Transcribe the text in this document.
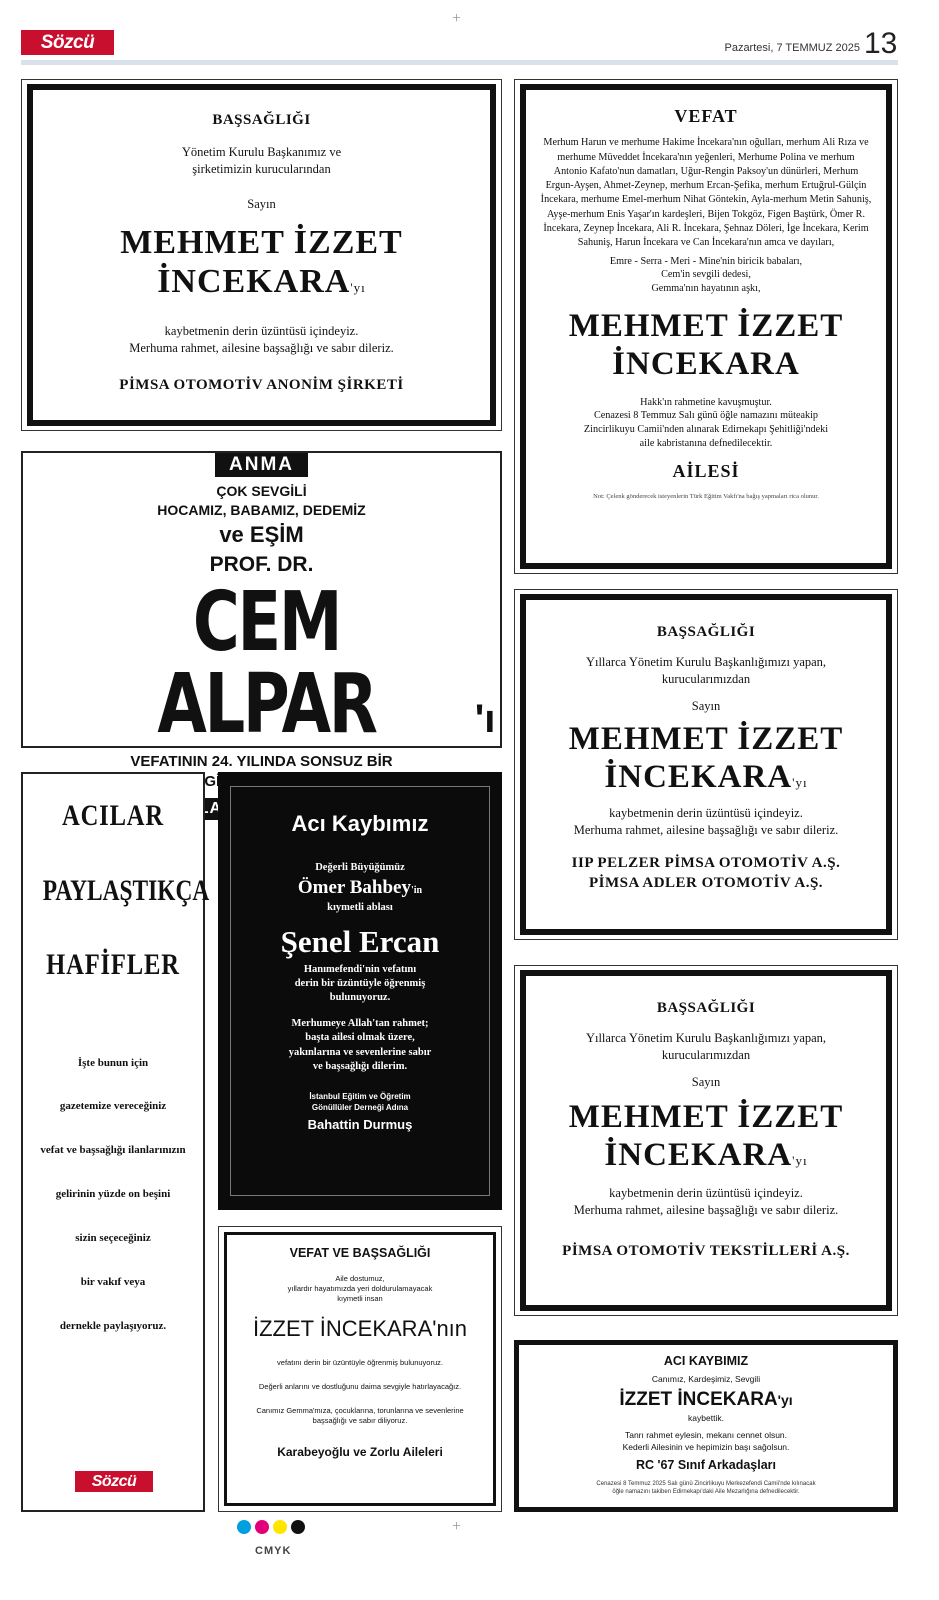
Sözcü	Pazartesi, 7 TEMMUZ 2025 13
+

BAŞSAĞLIĞI

Yönetim Kurulu Başkanımız ve

şirketimizin kurucularından

Sayın

MEHMET İZZET

İNCEKARA'yı

kaybetmenin derin üzüntüsü içindeyiz.

Merhuma rahmet, ailesine başsağlığı ve sabır dileriz.

PİMSA OTOMOTİV ANONİM ŞİRKETİ

VEFAT

Merhum Harun ve merhume Hakime İncekara'nın oğulları, merhum Ali Rıza ve merhume Müveddet İncekara'nın yeğenleri, Merhume Polina ve merhum Antonio Kafato'nun damatları, Uğur-Rengin Paksoy'un dünürleri, Merhum Ergun-Ayşen, Ahmet-Zeynep, merhum Ercan-Şefika, merhum Ertuğrul-Gülçin İncekara, merhume Emel-merhum Nihat Göntekin, Ayla-merhum Metin Sahuniş, Ayşe-merhum Enis Yaşar'ın kardeşleri, Bijen Tokgöz, Figen Baştürk, Ömer R. İncekara, Zeynep İncekara, Ali R. İncekara, Şehnaz Döleri, İge İncekara, Kerim Sahuniş, Harun İncekara ve Can İncekara'nın amca ve dayıları,

Emre - Serra - Meri - Mine'nin biricik babaları,

Cem'in sevgili dedesi,

Gemma'nın hayatının aşkı,

MEHMET İZZET

İNCEKARA

Hakk'ın rahmetine kavuşmuştur.

Cenazesi 8 Temmuz Salı günü öğle namazını müteakip

Zincirlikuyu Camii'nden alınarak Edirnekapı Şehitliği'ndeki

aile kabristanına defnedilecektir.

AİLESİ

Not: Çelenk gönderecek isteyenlerin Türk Eğitim Vakfı'na bağış yapmaları rica olunur.

ANMA

ÇOK SEVGİLİ

HOCAMIZ, BABAMIZ, DEDEMİZ

ve EŞİM

PROF. DR.

CEM ALPAR 'ı

VEFATININ 24. YILINDA SONSUZ BİR

BAŞSAĞLIĞI

Yıllarca Yönetim Kurulu Başkanlığımızı yapan,

kurucularımızdan

Sayın

MEHMET İZZET

İNCEKARA'yı

kaybetmenin derin üzüntüsü içindeyiz.

Merhuma rahmet, ailesine başsağlığı ve sabır dileriz.

IIP PELZER PİMSA OTOMOTİV A.Ş.

PİMSA ADLER OTOMOTİV A.Ş.

ACILAR

PAYLAŞTIKÇA

HAFİFLER

İşte bunun için

gazetemize vereceğiniz

vefat ve başsağlığı ilanlarınızın

gelirinin yüzde on beşini

sizin seçeceğiniz

bir vakıf veya

dernekle paylaşıyoruz.

Sözcü

Acı Kaybımız

Değerli Büyüğümüz

Ömer Bahbey'in

kıymetli ablası

Şenel Ercan

Hanımefendi'nin vefatını

derin bir üzüntüyle öğrenmiş

bulunuyoruz.

Merhumeye Allah'tan rahmet;

başta ailesi olmak üzere,

yakınlarına ve sevenlerine sabır

ve başsağlığı dilerim.

İstanbul Eğitim ve Öğretim

Gönüllüler Derneği Adına

Bahattin Durmuş

BAŞSAĞLIĞI

Yıllarca Yönetim Kurulu Başkanlığımızı yapan,

kurucularımızdan

Sayın

MEHMET İZZET

İNCEKARA'yı

kaybetmenin derin üzüntüsü içindeyiz.

Merhuma rahmet, ailesine başsağlığı ve sabır dileriz.

PİMSA OTOMOTİV TEKSTİLLERİ A.Ş.

VEFAT VE BAŞSAĞLIĞI

Aile dostumuz,

yıllardır hayatımızda yeri doldurulamayacak

kıymetli insan

İZZET İNCEKARA'nın

vefatını derin bir üzüntüyle öğrenmiş bulunuyoruz.

Değerli anlarını ve dostluğunu daima sevgiyle hatırlayacağız.

Canımız Gemma'mıza, çocuklarına, torunlarına ve sevenlerine

başsağlığı ve sabır diliyoruz.

Karabeyoğlu ve Zorlu Aileleri

ACI KAYBIMIZ

Canımız, Kardeşimiz, Sevgili

İZZET İNCEKARA'yı

kaybettik.

Tanrı rahmet eylesin, mekanı cennet olsun.

Kederli Ailesinin ve hepimizin başı sağolsun.

RC '67 Sınıf Arkadaşları

Cenazesi 8 Temmuz 2025 Salı günü Zincirlikuyu Merkezefendi Camii'nde kılınacak

öğle namazını takiben Edirnekapı'daki Aile Mezarlığına defnedilecektir.

CMYK
+
